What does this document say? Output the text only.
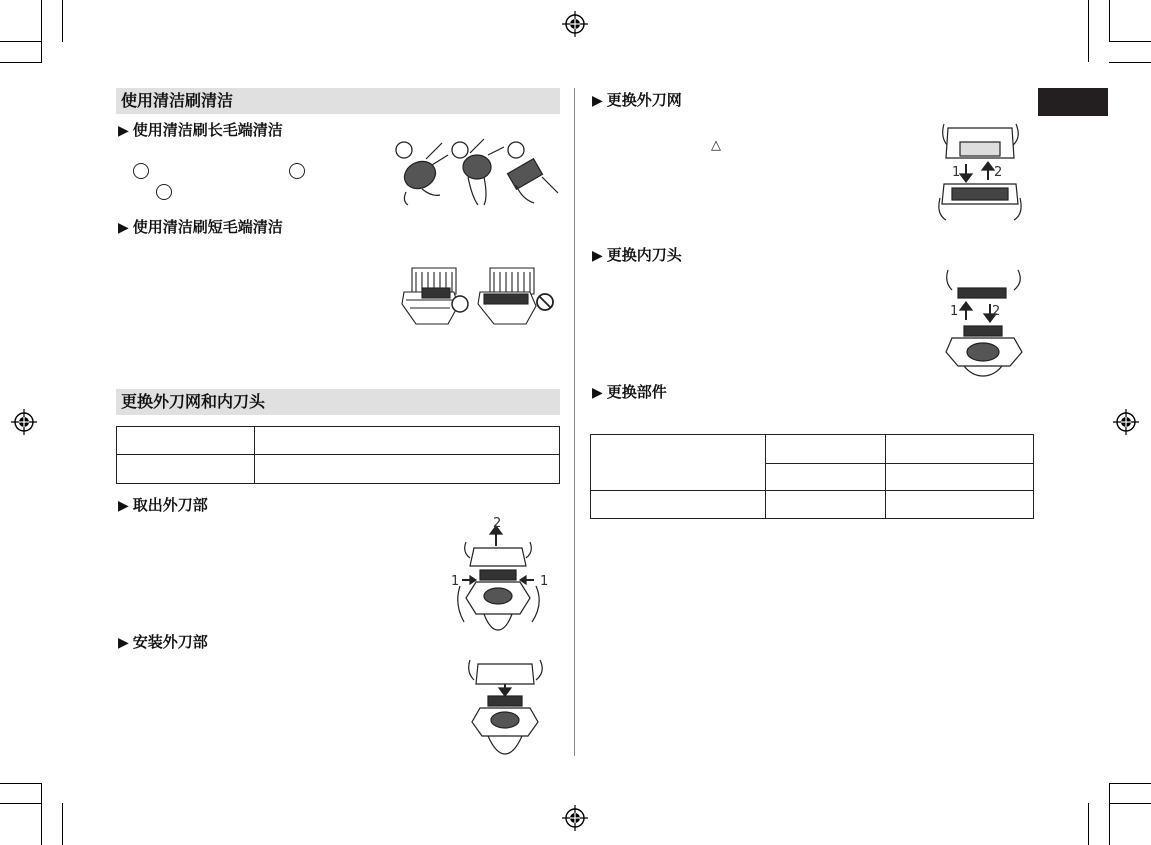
使用清洁刷清洁
▶ 使用清洁刷长毛端清洁
▶ 使用清洁刷短毛端清洁
更换外刀网和内刀头

▶ 取出外刀部
2
1	1
▶ 安装外刀部
▶ 更换外刀网
△
1	2
▶ 更换内刀头
1	2
▶ 更换部件
